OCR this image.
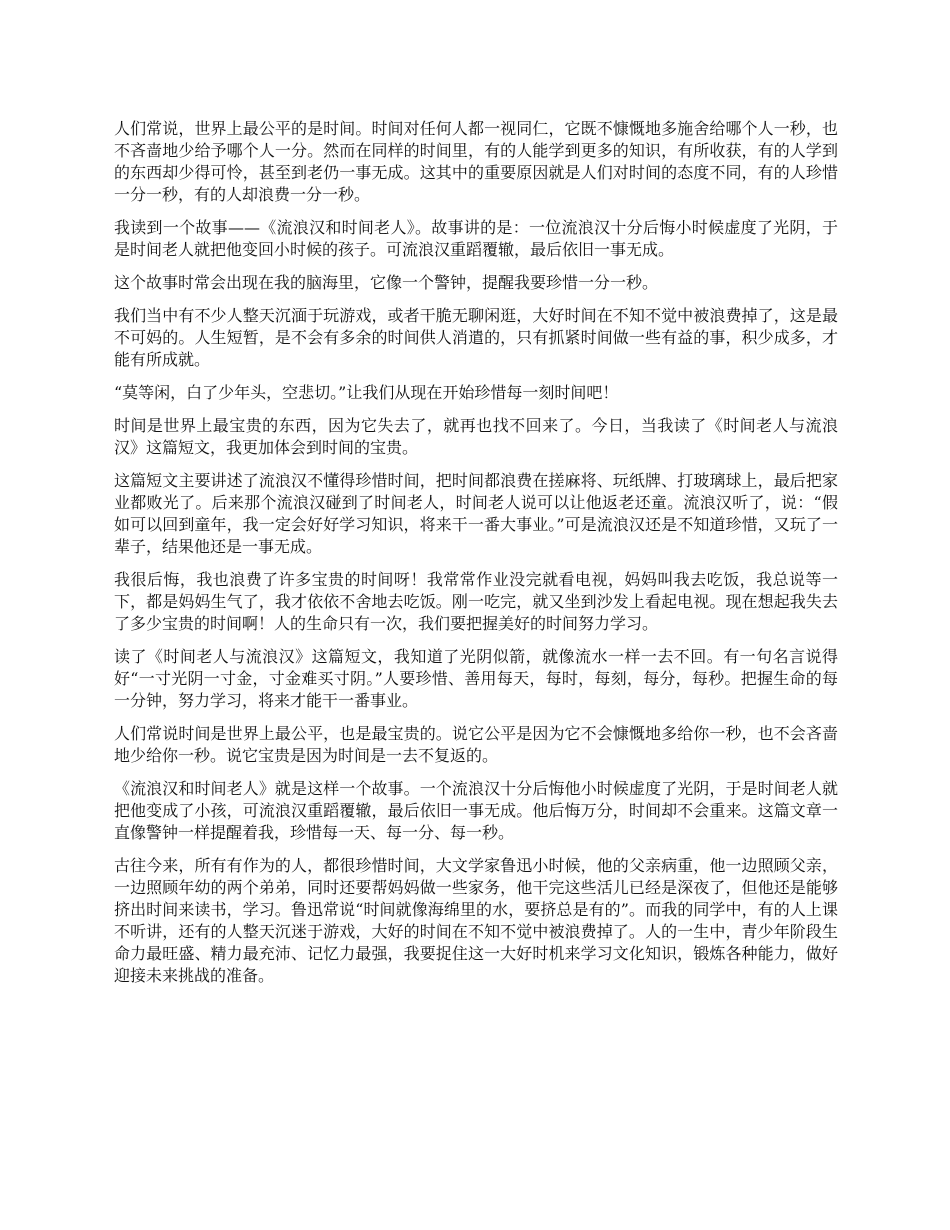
人们常说，世界上最公平的是时间。时间对任何人都一视同仁，它既不慷慨地多施舍给哪个人一秒，也不吝啬地少给予哪个人一分。然而在同样的时间里，有的人能学到更多的知识，有所收获，有的人学到的东西却少得可怜，甚至到老仍一事无成。这其中的重要原因就是人们对时间的态度不同，有的人珍惜一分一秒，有的人却浪费一分一秒。

我读到一个故事——《流浪汉和时间老人》。故事讲的是：一位流浪汉十分后悔小时候虚度了光阴，于是时间老人就把他变回小时候的孩子。可流浪汉重蹈覆辙，最后依旧一事无成。

这个故事时常会出现在我的脑海里，它像一个警钟，提醒我要珍惜一分一秒。

我们当中有不少人整天沉湎于玩游戏，或者干脆无聊闲逛，大好时间在不知不觉中被浪费掉了，这是最不可妈的。人生短暂，是不会有多余的时间供人消遣的，只有抓紧时间做一些有益的事，积少成多，才能有所成就。

“莫等闲，白了少年头，空悲切。”让我们从现在开始珍惜每一刻时间吧！

时间是世界上最宝贵的东西，因为它失去了，就再也找不回来了。今日，当我读了《时间老人与流浪汉》这篇短文，我更加体会到时间的宝贵。

这篇短文主要讲述了流浪汉不懂得珍惜时间，把时间都浪费在搓麻将、玩纸牌、打玻璃球上，最后把家业都败光了。后来那个流浪汉碰到了时间老人，时间老人说可以让他返老还童。流浪汉听了，说：“假如可以回到童年，我一定会好好学习知识，将来干一番大事业。”可是流浪汉还是不知道珍惜，又玩了一辈子，结果他还是一事无成。

我很后悔，我也浪费了许多宝贵的时间呀！我常常作业没完就看电视，妈妈叫我去吃饭，我总说等一下，都是妈妈生气了，我才依依不舍地去吃饭。刚一吃完，就又坐到沙发上看起电视。现在想起我失去了多少宝贵的时间啊！人的生命只有一次，我们要把握美好的时间努力学习。

读了《时间老人与流浪汉》这篇短文，我知道了光阴似箭，就像流水一样一去不回。有一句名言说得好“一寸光阴一寸金，寸金难买寸阴。”人要珍惜、善用每天，每时，每刻，每分，每秒。把握生命的每一分钟，努力学习，将来才能干一番事业。

人们常说时间是世界上最公平，也是最宝贵的。说它公平是因为它不会慷慨地多给你一秒，也不会吝啬地少给你一秒。说它宝贵是因为时间是一去不复返的。

《流浪汉和时间老人》就是这样一个故事。一个流浪汉十分后悔他小时候虚度了光阴，于是时间老人就把他变成了小孩，可流浪汉重蹈覆辙，最后依旧一事无成。他后悔万分，时间却不会重来。这篇文章一直像警钟一样提醒着我，珍惜每一天、每一分、每一秒。

古往今来，所有有作为的人，都很珍惜时间，大文学家鲁迅小时候，他的父亲病重，他一边照顾父亲，一边照顾年幼的两个弟弟，同时还要帮妈妈做一些家务，他干完这些活儿已经是深夜了，但他还是能够挤出时间来读书，学习。鲁迅常说“时间就像海绵里的水，要挤总是有的”。而我的同学中，有的人上课不听讲，还有的人整天沉迷于游戏，大好的时间在不知不觉中被浪费掉了。人的一生中，青少年阶段生命力最旺盛、精力最充沛、记忆力最强，我要捉住这一大好时机来学习文化知识，锻炼各种能力，做好迎接未来挑战的准备。
